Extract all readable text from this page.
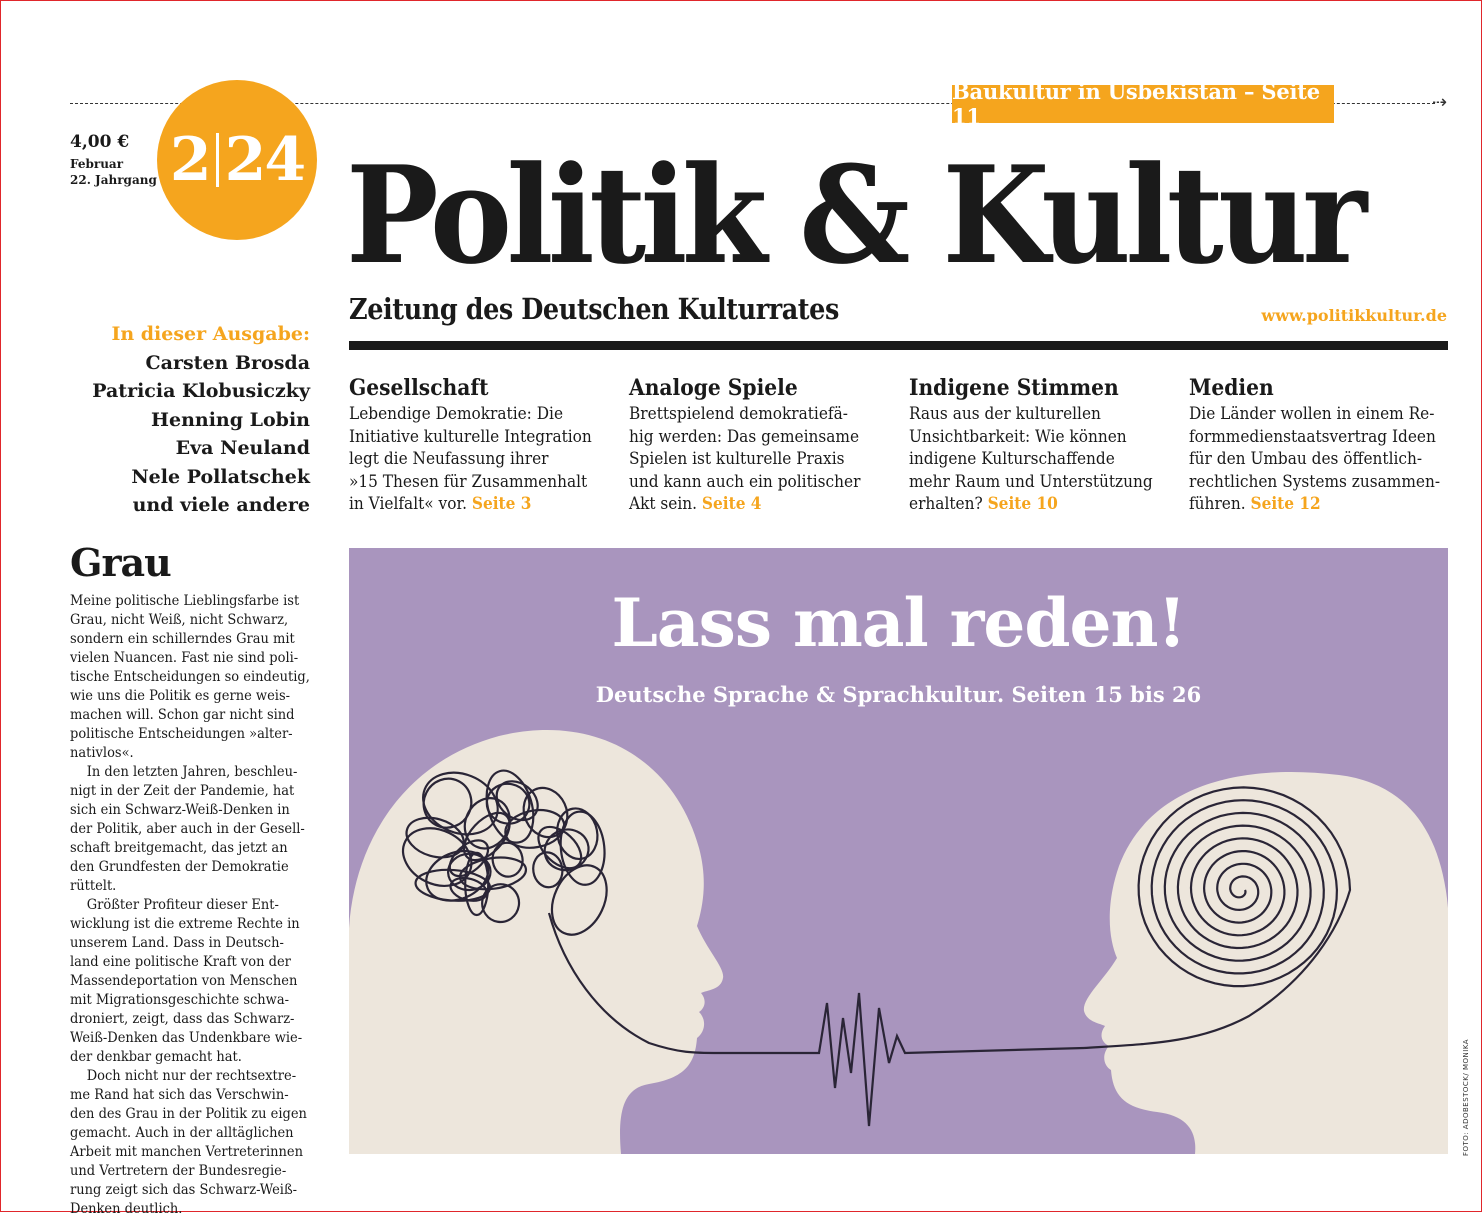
⇢
Baukultur in Usbekistan – Seite 11
4,00 €
Februar
22. Jahrgang 2 24 Politik & Kultur
Zeitung des Deutschen Kulturrates	www.politikkultur.de
In dieser Ausgabe:
Carsten Brosda
Patricia Klobusiczky
Henning Lobin
Eva Neuland
Nele Pollatschek
und viele andere
Gesellschaft
Lebendige Demokratie: Die
Initiative kulturelle Integration
legt die Neufassung ihrer
»15 Thesen für Zusammenhalt
in Vielfalt« vor. Seite 3
Analoge Spiele
Brettspielend demokratiefä-
hig werden: Das gemeinsame
Spielen ist kulturelle Praxis
und kann auch ein politischer
Akt sein. Seite 4
Indigene Stimmen
Raus aus der kulturellen
Unsichtbarkeit: Wie können
indigene Kulturschaffende
mehr Raum und Unterstützung
erhalten? Seite 10
Medien
Die Länder wollen in einem Re-
formmedienstaatsvertrag Ideen
für den Umbau des öffentlich-
rechtlichen Systems zusammen-
führen. Seite 12
Grau
Meine politische Lieblingsfarbe ist
Grau, nicht Weiß, nicht Schwarz,
sondern ein schillerndes Grau mit
vielen Nuancen. Fast nie sind poli-
tische Entscheidungen so eindeutig,
wie uns die Politik es gerne weis-
machen will. Schon gar nicht sind
politische Entscheidungen »alter-
nativlos«.
In den letzten Jahren, beschleu-
nigt in der Zeit der Pandemie, hat
sich ein Schwarz-Weiß-Denken in
der Politik, aber auch in der Gesell-
schaft breitgemacht, das jetzt an
den Grundfesten der Demokratie
rüttelt.
Größter Profiteur dieser Ent-
wicklung ist die extreme Rechte in
unserem Land. Dass in Deutsch-
land eine politische Kraft von der
Massendeportation von Menschen
mit Migrationsgeschichte schwa-
droniert, zeigt, dass das Schwarz-
Weiß-Denken das Undenkbare wie-
der denkbar gemacht hat.
Doch nicht nur der rechtsextre-
me Rand hat sich das Verschwin-
den des Grau in der Politik zu eigen
gemacht. Auch in der alltäglichen
Arbeit mit manchen Vertreterinnen
und Vertretern der Bundesregie-
rung zeigt sich das Schwarz-Weiß-
Denken deutlich.
Lass mal reden!
Deutsche Sprache & Sprachkultur. Seiten 15 bis 26
FOTO: ADOBESTOCK/ MONIKA
